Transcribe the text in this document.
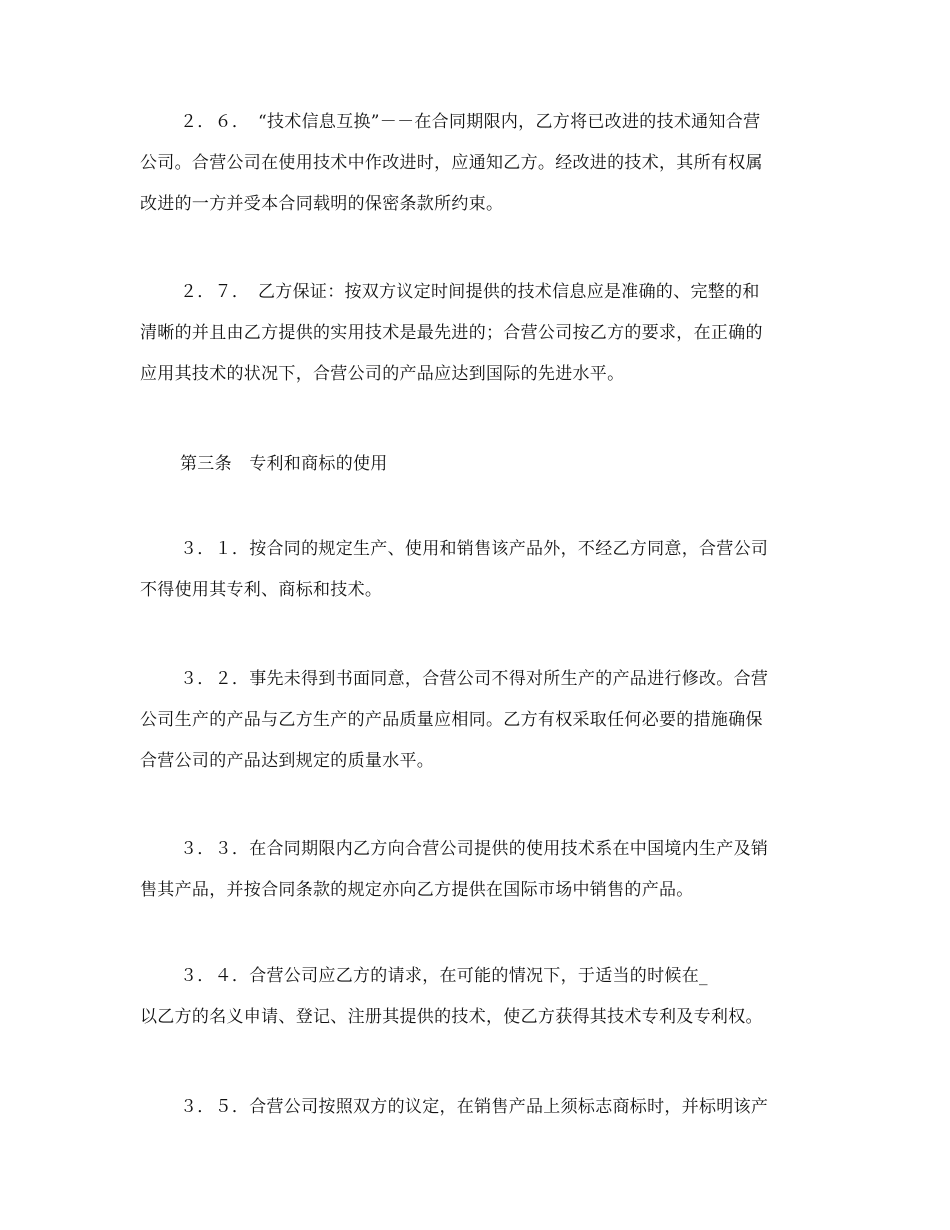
２．６．　“技术信息互换”－－在合同期限内，乙方将已改进的技术通知合营
公司。合营公司在使用技术中作改进时，应通知乙方。经改进的技术，其所有权属
改进的一方并受本合同载明的保密条款所约束。

２．７．　乙方保证：按双方议定时间提供的技术信息应是准确的、完整的和
清晰的并且由乙方提供的实用技术是最先进的；合营公司按乙方的要求，在正确的
应用其技术的状况下，合营公司的产品应达到国际的先进水平。

第三条　专利和商标的使用

３．１．按合同的规定生产、使用和销售该产品外，不经乙方同意，合营公司
不得使用其专利、商标和技术。

３．２．事先未得到书面同意，合营公司不得对所生产的产品进行修改。合营
公司生产的产品与乙方生产的产品质量应相同。乙方有权采取任何必要的措施确保
合营公司的产品达到规定的质量水平。

３．３．在合同期限内乙方向合营公司提供的使用技术系在中国境内生产及销
售其产品，并按合同条款的规定亦向乙方提供在国际市场中销售的产品。

３．４．合营公司应乙方的请求，在可能的情况下，于适当的时候在_
以乙方的名义申请、登记、注册其提供的技术，使乙方获得其技术专利及专利权。

３．５．合营公司按照双方的议定，在销售产品上须标志商标时，并标明该产
